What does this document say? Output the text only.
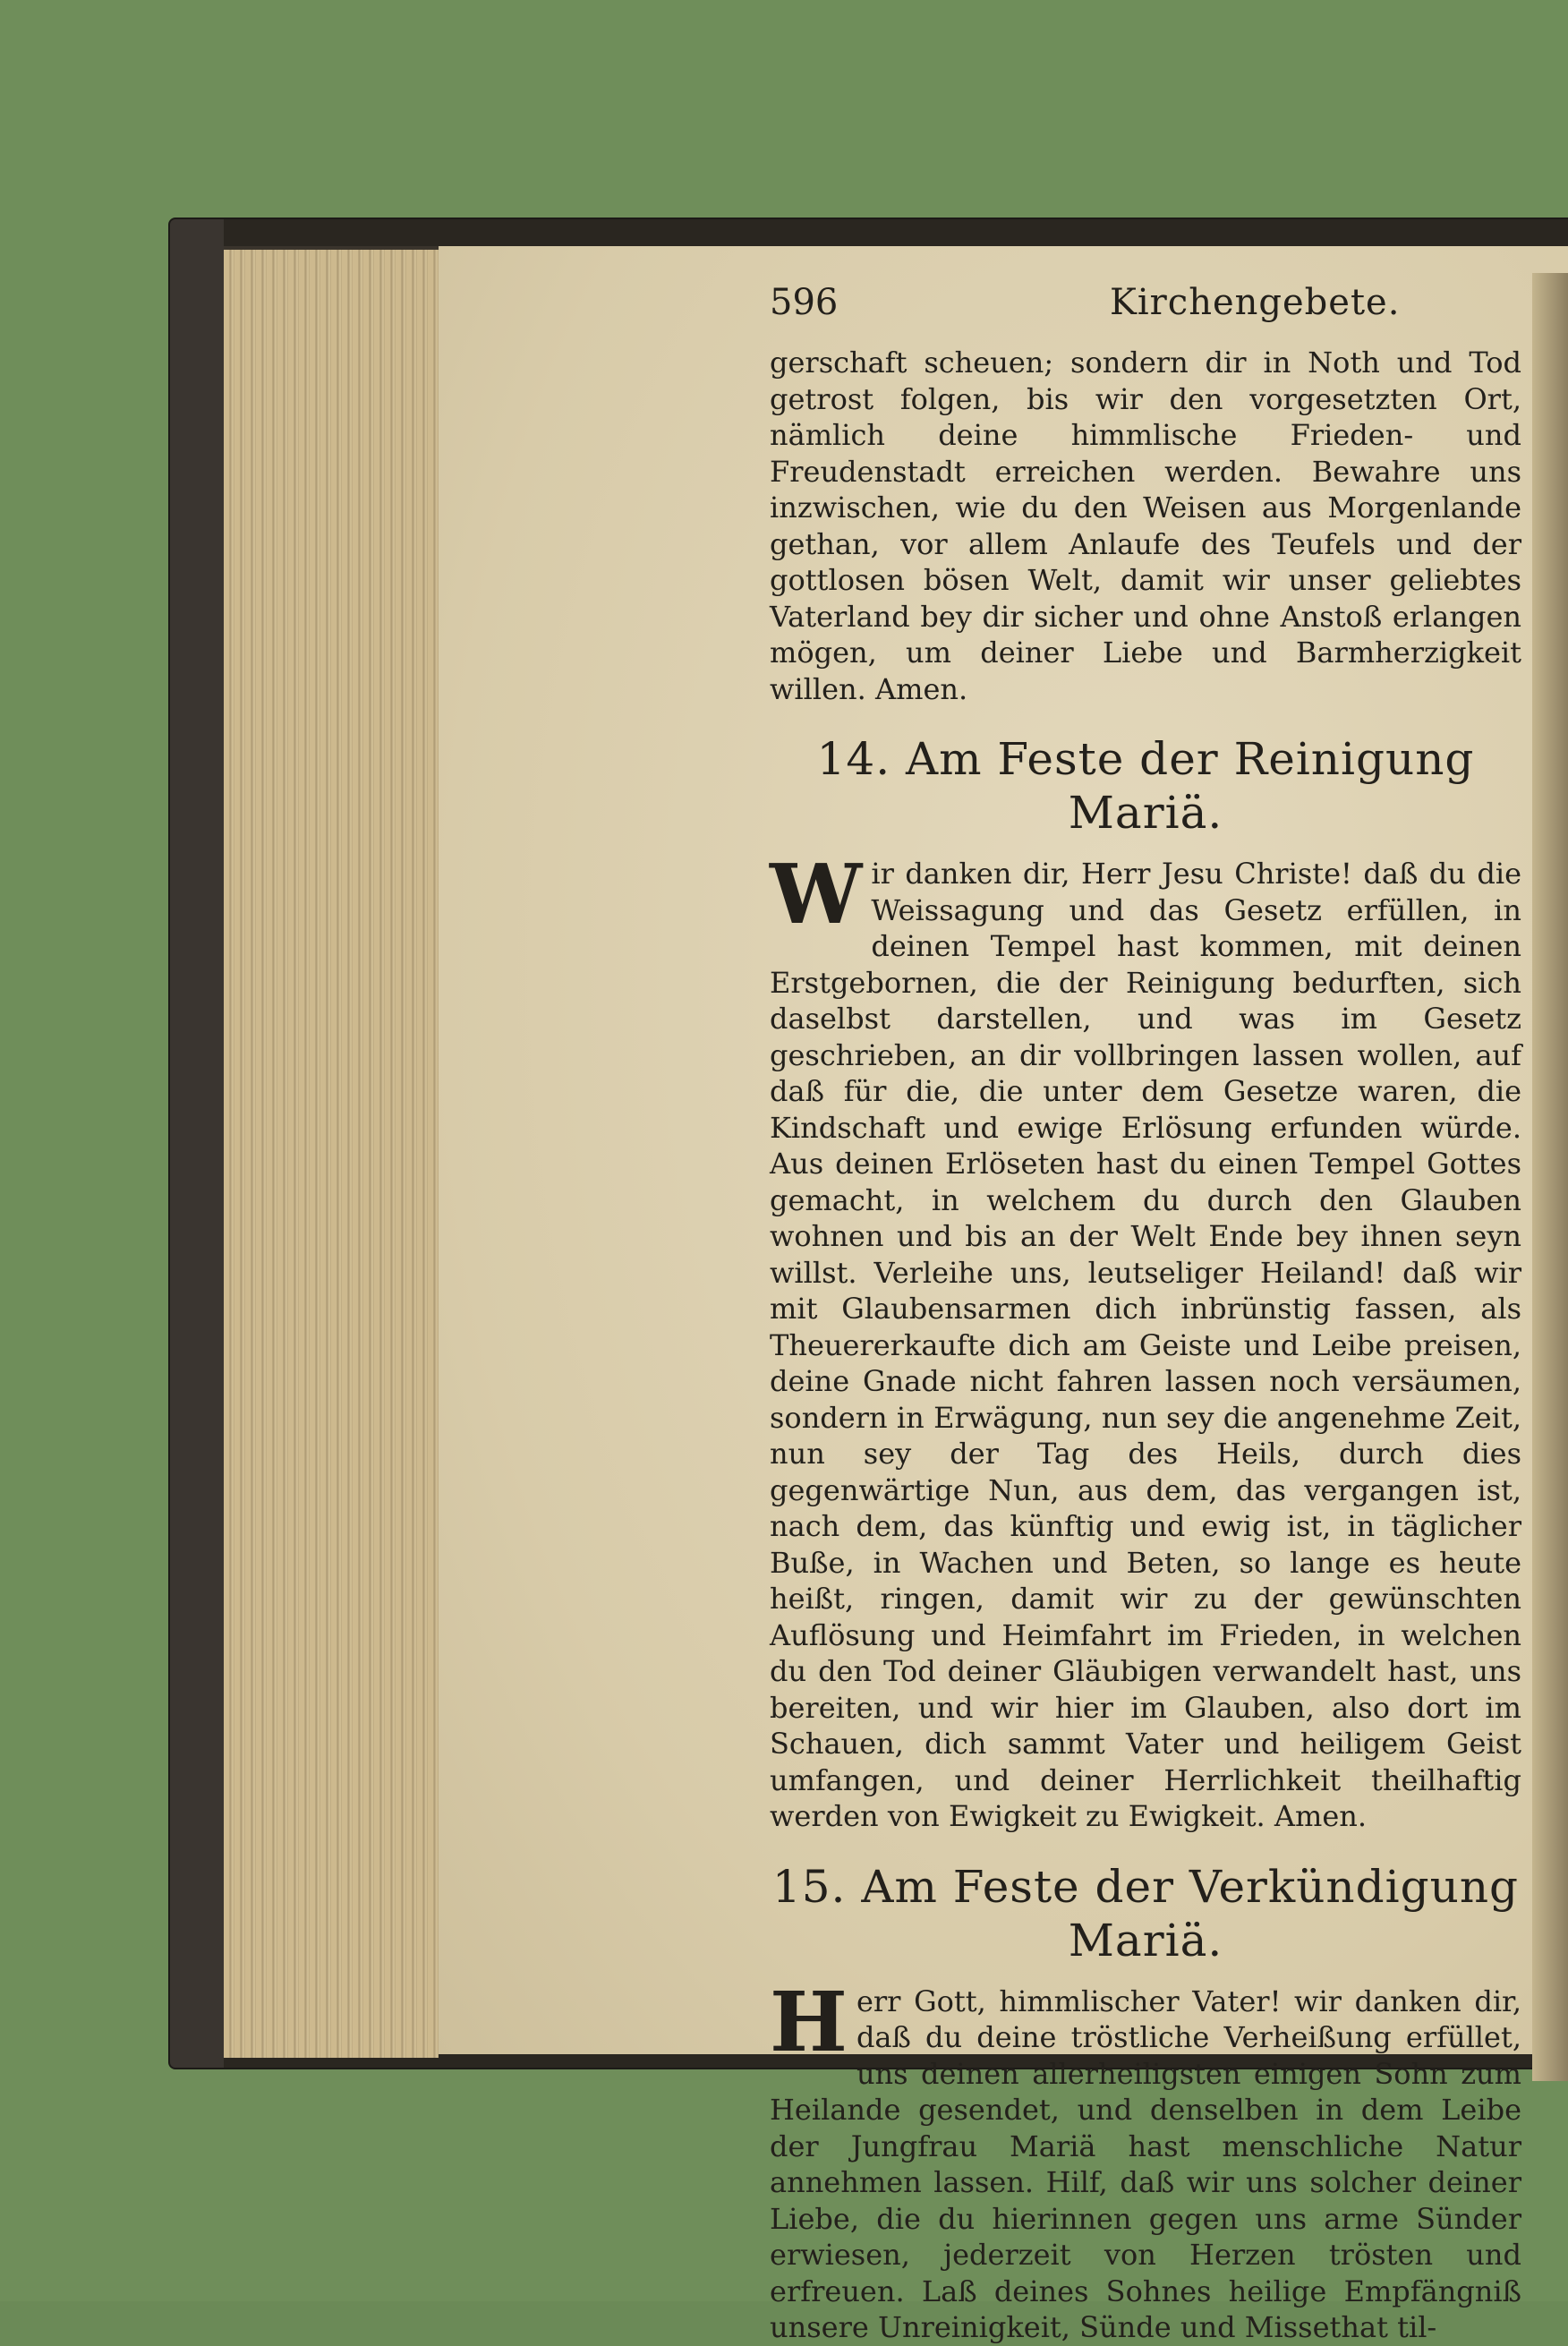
596	Kirchengebete.

gerschaft scheuen; sondern dir in Noth und Tod getrost folgen, bis wir den vorgesetzten Ort, nämlich deine himmlische Frieden- und Freudenstadt erreichen werden. Bewahre uns inzwischen, wie du den Weisen aus Morgenlande gethan, vor allem Anlaufe des Teufels und der gottlosen bösen Welt, damit wir unser geliebtes Vaterland bey dir sicher und ohne Anstoß erlangen mögen, um deiner Liebe und Barmherzigkeit willen. Amen.

14. Am Feste der Reinigung Mariä.

W ir danken dir, Herr Jesu Christe! daß du die Weissagung und das Gesetz erfüllen, in deinen Tempel hast kommen, mit deinen Erstgebornen, die der Reinigung bedurften, sich daselbst darstellen, und was im Gesetz geschrieben, an dir vollbringen lassen wollen, auf daß für die, die unter dem Gesetze waren, die Kindschaft und ewige Erlösung erfunden würde. Aus deinen Erlöseten hast du einen Tempel Gottes gemacht, in welchem du durch den Glauben wohnen und bis an der Welt Ende bey ihnen seyn willst. Verleihe uns, leutseliger Heiland! daß wir mit Glaubensarmen dich inbrünstig fassen, als Theuererkaufte dich am Geiste und Leibe preisen, deine Gnade nicht fahren lassen noch versäumen, sondern in Erwägung, nun sey die angenehme Zeit, nun sey der Tag des Heils, durch dies gegenwärtige Nun, aus dem, das vergangen ist, nach dem, das künftig und ewig ist, in täglicher Buße, in Wachen und Beten, so lange es heute heißt, ringen, damit wir zu der gewünschten Auflösung und Heimfahrt im Frieden, in welchen du den Tod deiner Gläubigen verwandelt hast, uns bereiten, und wir hier im Glauben, also dort im Schauen, dich sammt Vater und heiligem Geist umfangen, und deiner Herrlichkeit theilhaftig werden von Ewigkeit zu Ewigkeit. Amen.

15. Am Feste der Verkündigung Mariä.

H err Gott, himmlischer Vater! wir danken dir, daß du deine tröstliche Verheißung erfüllet, uns deinen allerheiligsten einigen Sohn zum Heilande gesendet, und denselben in dem Leibe der Jungfrau Mariä hast menschliche Natur annehmen lassen. Hilf, daß wir uns solcher deiner Liebe, die du hierinnen gegen uns arme Sünder erwiesen, jederzeit von Herzen trösten und erfreuen. Laß deines Sohnes heilige Empfängniß unsere Unreinigkeit, Sünde und Missethat til-
